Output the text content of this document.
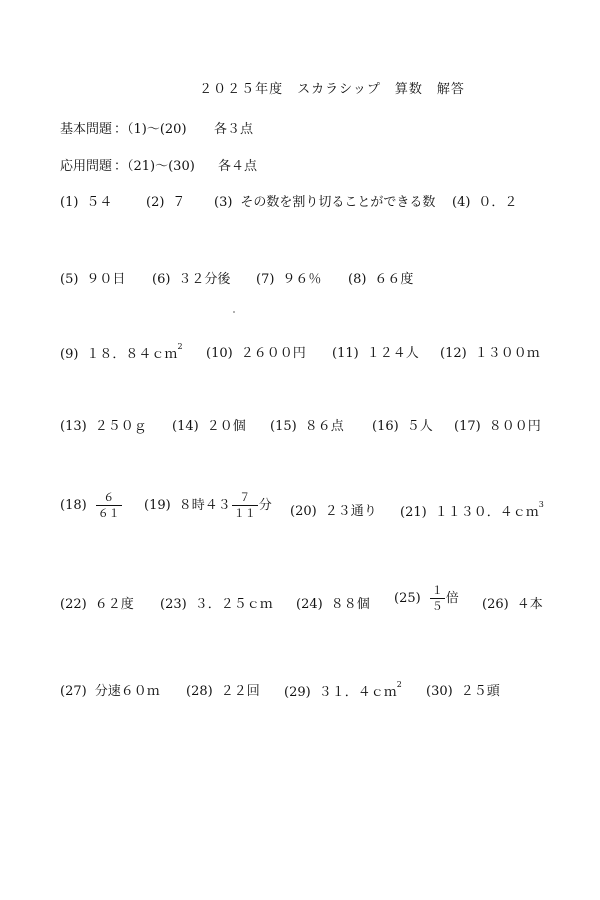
２０２５年度　スカラシップ　算数　解答
基本問題 ：（1)～(20) 各３点
応用問題 ：（21)～(30) 各４点
(1) ５４	(2) ７ (3) その数を割り切ることができる数 (4) ０．２
(5) ９０日 (6) ３２分後 (7) ９６％ (8) ６６度
(9) １８．８４ｃｍ$^2$ (10) ２６００円 (11) １２４人 (12) １３００ｍ
(13) ２５０ｇ (14) ２０個 (15) ８６点 (16) ５人 (17) ８００円
$(18) \frac{6}{61} (19)$ ８時$43 \frac{7}{11}$ 分 (20) ２３通り (21) １１３０．４ｃｍ$^3$
(22) ６２度 (23) ３．２５ｃｍ (24) ８８個 $(25) \frac{1}{5}$ 倍 (26) ４本
(27) 分速６０ｍ (28) ２２回 (29) ３１．４ｃｍ$^2$ (30) ２５頭
